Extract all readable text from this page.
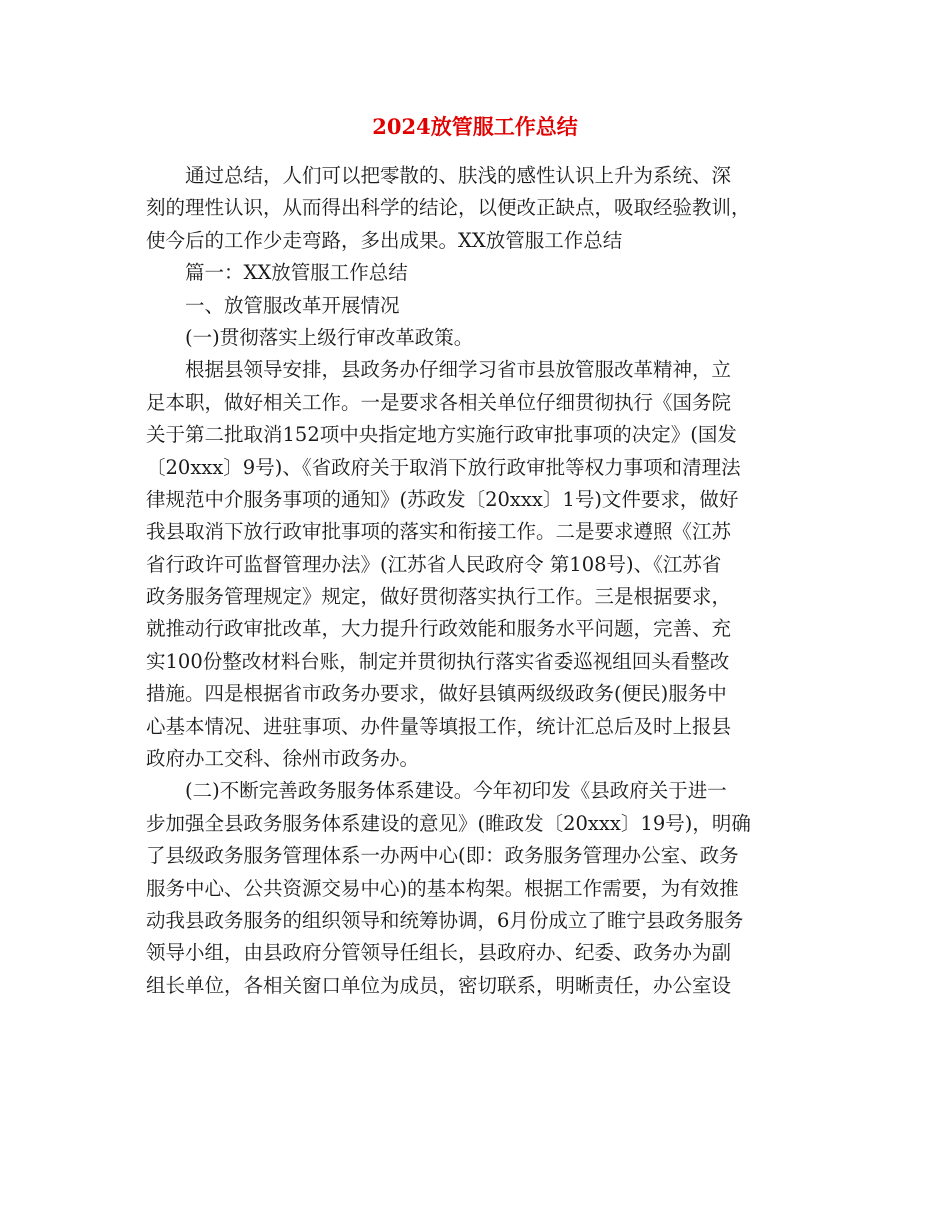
2024放管服工作总结

通过总结，人们可以把零散的、肤浅的感性认识上升为系统、深
刻的理性认识，从而得出科学的结论，以便改正缺点，吸取经验教训，
使今后的工作少走弯路，多出成果。XX放管服工作总结

篇一：XX放管服工作总结

一、放管服改革开展情况

(一)贯彻落实上级行审改革政策。

根据县领导安排，县政务办仔细学习省市县放管服改革精神，立
足本职，做好相关工作。一是要求各相关单位仔细贯彻执行《国务院
关于第二批取消152项中央指定地方实施行政审批事项的决定》(国发
〔20xxx〕9号)、《省政府关于取消下放行政审批等权力事项和清理法
律规范中介服务事项的通知》(苏政发〔20xxx〕1号)文件要求，做好
我县取消下放行政审批事项的落实和衔接工作。二是要求遵照《江苏
省行政许可监督管理办法》(江苏省人民政府令 第108号)、《江苏省
政务服务管理规定》规定，做好贯彻落实执行工作。三是根据要求，
就推动行政审批改革，大力提升行政效能和服务水平问题，完善、充
实100份整改材料台账，制定并贯彻执行落实省委巡视组回头看整改
措施。四是根据省市政务办要求，做好县镇两级级政务(便民)服务中
心基本情况、进驻事项、办件量等填报工作，统计汇总后及时上报县
政府办工交科、徐州市政务办。

(二)不断完善政务服务体系建设。今年初印发《县政府关于进一
步加强全县政务服务体系建设的意见》(睢政发〔20xxx〕19号)，明确
了县级政务服务管理体系一办两中心(即：政务服务管理办公室、政务
服务中心、公共资源交易中心)的基本构架。根据工作需要，为有效推
动我县政务服务的组织领导和统筹协调，6月份成立了睢宁县政务服务
领导小组，由县政府分管领导任组长，县政府办、纪委、政务办为副
组长单位，各相关窗口单位为成员，密切联系，明晰责任，办公室设
